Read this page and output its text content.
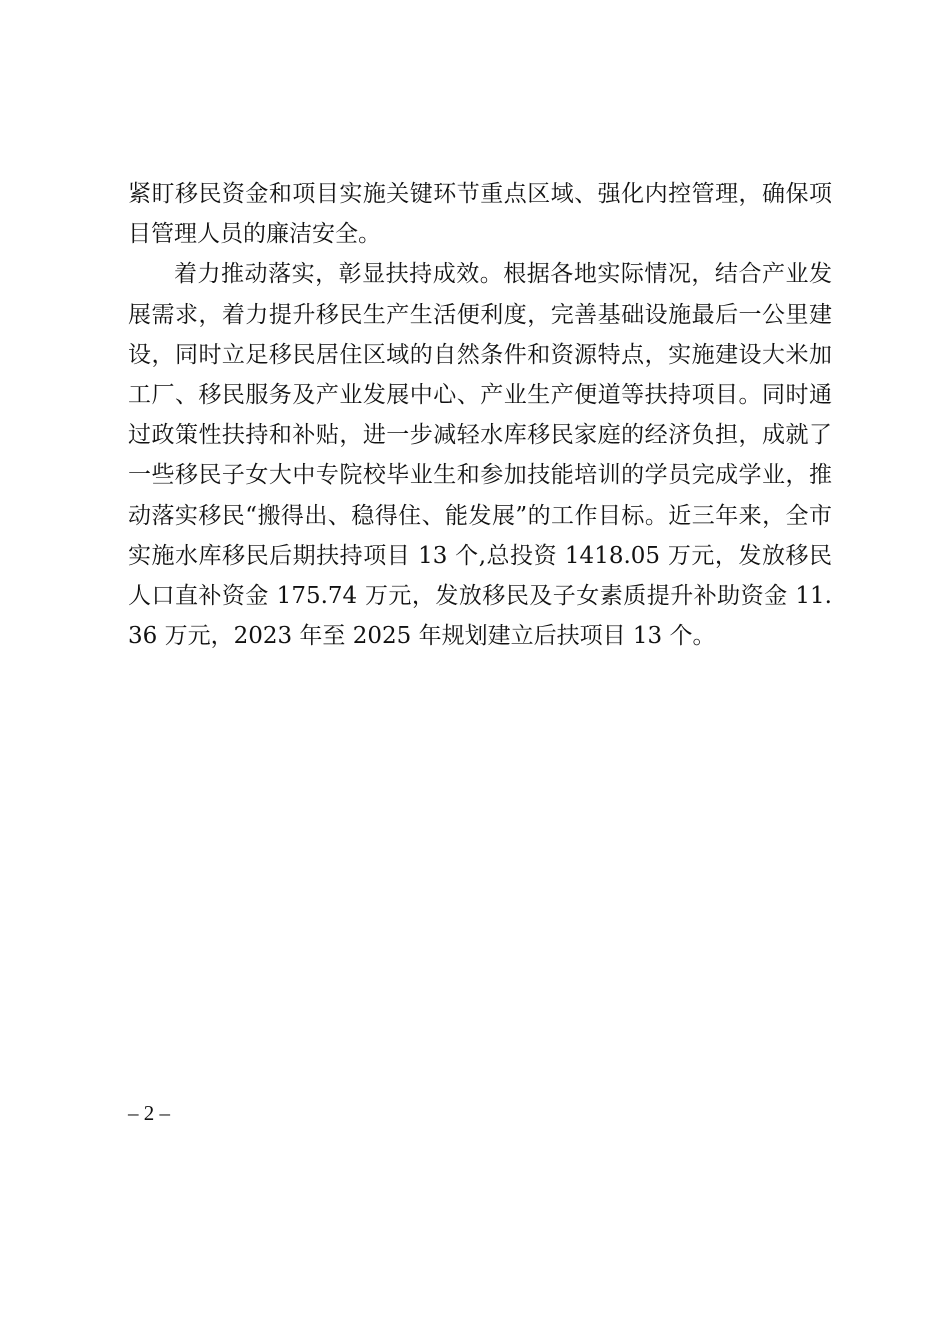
紧盯移民资金和项目实施关键环节重点区域、强化内控管理，确保项目管理人员的廉洁安全。

着力推动落实，彰显扶持成效。根据各地实际情况，结合产业发展需求，着力提升移民生产生活便利度，完善基础设施最后一公里建设，同时立足移民居住区域的自然条件和资源特点，实施建设大米加工厂、移民服务及产业发展中心、产业生产便道等扶持项目。同时通过政策性扶持和补贴，进一步减轻水库移民家庭的经济负担，成就了一些移民子女大中专院校毕业生和参加技能培训的学员完成学业，推动落实移民“搬得出、稳得住、能发展”的工作目标。近三年来，全市实施水库移民后期扶持项目 13 个,总投资 1418.05 万元，发放移民人口直补资金 175.74 万元，发放移民及子女素质提升补助资金 11.36 万元，2023 年至 2025 年规划建立后扶项目 13 个。

– 2 –
